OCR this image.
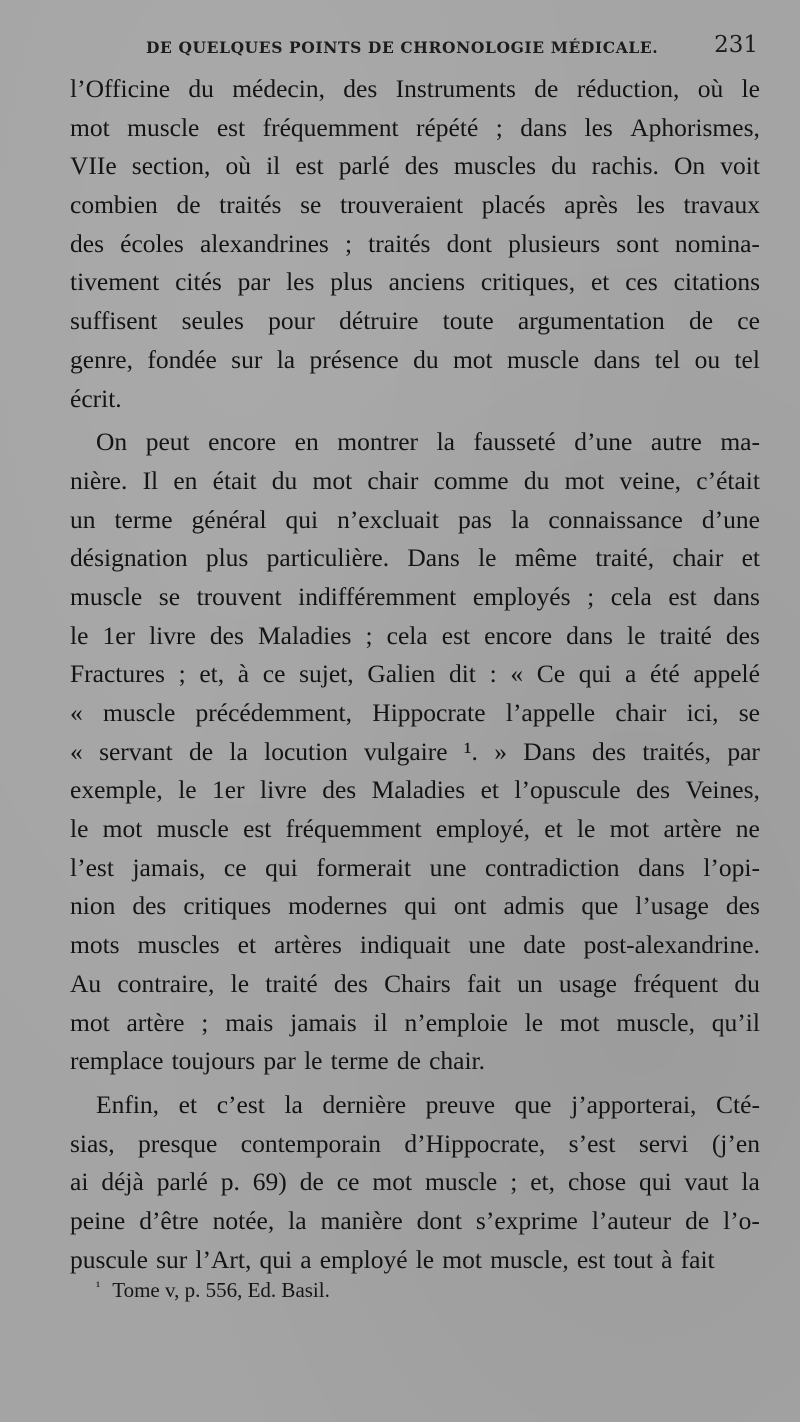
DE QUELQUES POINTS DE CHRONOLOGIE MÉDICALE. 231
l’Officine du médecin, des Instruments de réduction, où le
mot muscle est fréquemment répété ; dans les Aphorismes,
VIIe section, où il est parlé des muscles du rachis. On voit
combien de traités se trouveraient placés après les travaux
des écoles alexandrines ; traités dont plusieurs sont nomina-
tivement cités par les plus anciens critiques, et ces citations
suffisent seules pour détruire toute argumentation de ce
genre, fondée sur la présence du mot muscle dans tel ou tel
écrit.
On peut encore en montrer la fausseté d’une autre ma-
nière. Il en était du mot chair comme du mot veine, c’était
un terme général qui n’excluait pas la connaissance d’une
désignation plus particulière. Dans le même traité, chair et
muscle se trouvent indifféremment employés ; cela est dans
le 1er livre des Maladies ; cela est encore dans le traité des
Fractures ; et, à ce sujet, Galien dit : « Ce qui a été appelé
« muscle précédemment, Hippocrate l’appelle chair ici, se
« servant de la locution vulgaire ¹. » Dans des traités, par
exemple, le 1er livre des Maladies et l’opuscule des Veines,
le mot muscle est fréquemment employé, et le mot artère ne
l’est jamais, ce qui formerait une contradiction dans l’opi-
nion des critiques modernes qui ont admis que l’usage des
mots muscles et artères indiquait une date post-alexandrine.
Au contraire, le traité des Chairs fait un usage fréquent du
mot artère ; mais jamais il n’emploie le mot muscle, qu’il
remplace toujours par le terme de chair.
Enfin, et c’est la dernière preuve que j’apporterai, Cté-
sias, presque contemporain d’Hippocrate, s’est servi (j’en
ai déjà parlé p. 69) de ce mot muscle ; et, chose qui vaut la
peine d’être notée, la manière dont s’exprime l’auteur de l’o-
puscule sur l’Art, qui a employé le mot muscle, est tout à fait
$^{^1}$ Tome v, p. 556, Ed. Basil.
